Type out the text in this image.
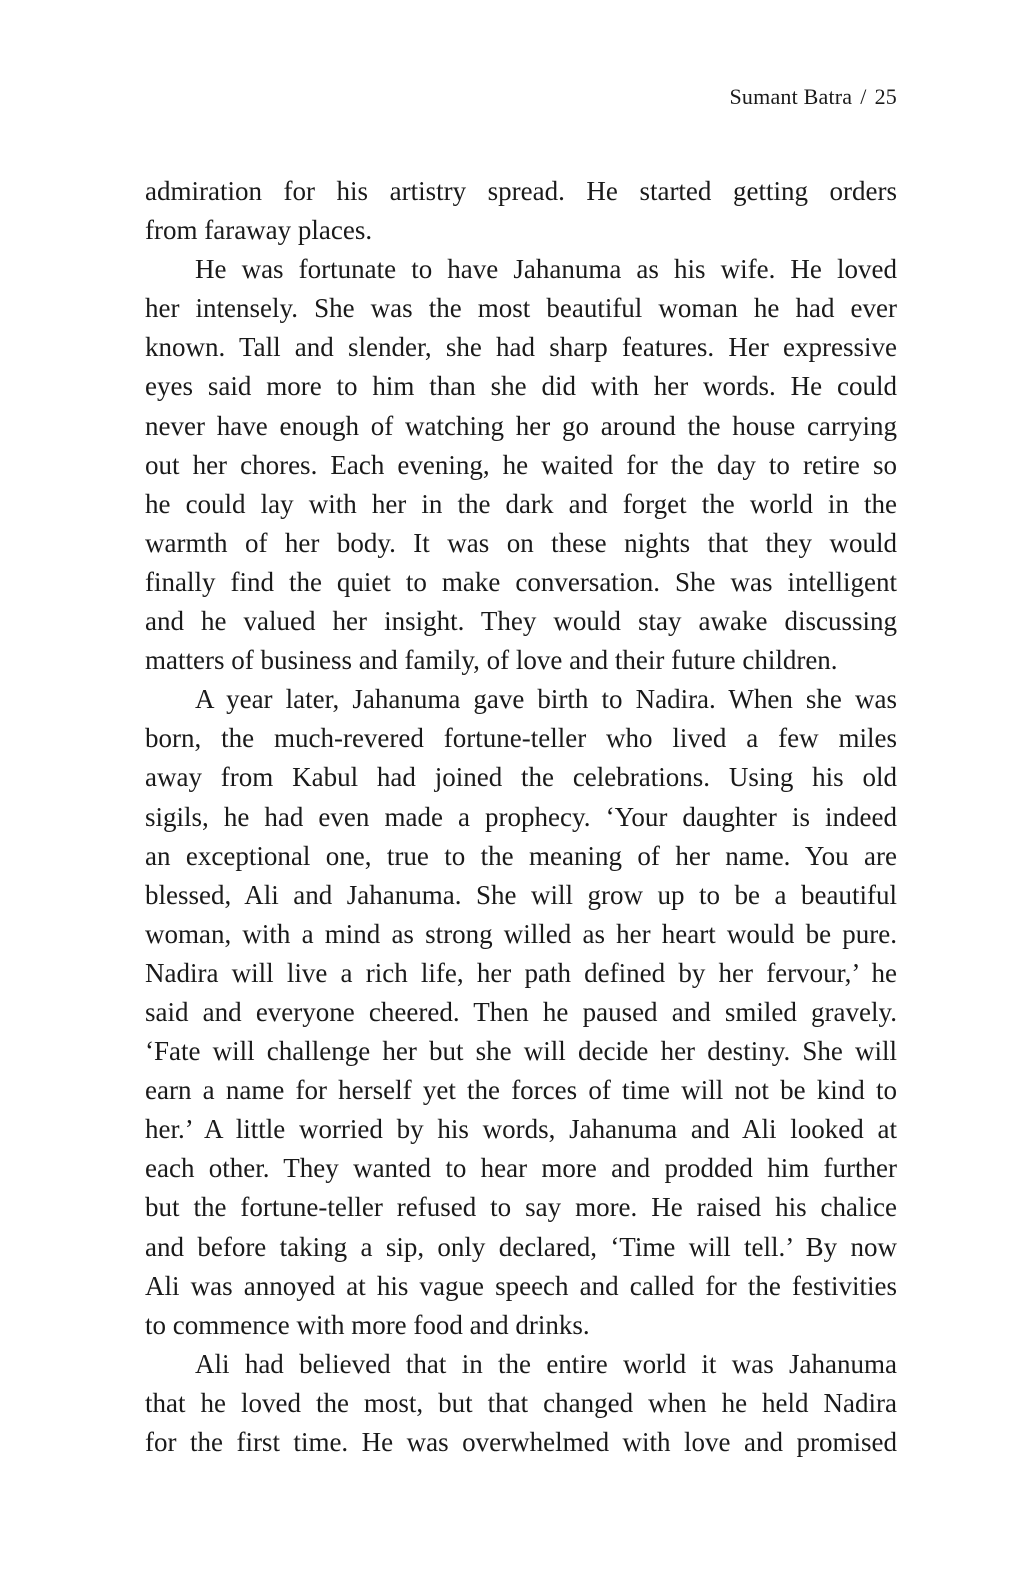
Sumant Batra / 25
admiration for his artistry spread. He started getting orders
from faraway places.
He was fortunate to have Jahanuma as his wife. He loved
her intensely. She was the most beautiful woman he had ever
known. Tall and slender, she had sharp features. Her expressive
eyes said more to him than she did with her words. He could
never have enough of watching her go around the house carrying
out her chores. Each evening, he waited for the day to retire so
he could lay with her in the dark and forget the world in the
warmth of her body. It was on these nights that they would
finally find the quiet to make conversation. She was intelligent
and he valued her insight. They would stay awake discussing
matters of business and family, of love and their future children.
A year later, Jahanuma gave birth to Nadira. When she was
born, the much-revered fortune-teller who lived a few miles
away from Kabul had joined the celebrations. Using his old
sigils, he had even made a prophecy. ‘Your daughter is indeed
an exceptional one, true to the meaning of her name. You are
blessed, Ali and Jahanuma. She will grow up to be a beautiful
woman, with a mind as strong willed as her heart would be pure.
Nadira will live a rich life, her path defined by her fervour,’ he
said and everyone cheered. Then he paused and smiled gravely.
‘Fate will challenge her but she will decide her destiny. She will
earn a name for herself yet the forces of time will not be kind to
her.’ A little worried by his words, Jahanuma and Ali looked at
each other. They wanted to hear more and prodded him further
but the fortune-teller refused to say more. He raised his chalice
and before taking a sip, only declared, ‘Time will tell.’ By now
Ali was annoyed at his vague speech and called for the festivities
to commence with more food and drinks.
Ali had believed that in the entire world it was Jahanuma
that he loved the most, but that changed when he held Nadira
for the first time. He was overwhelmed with love and promised
